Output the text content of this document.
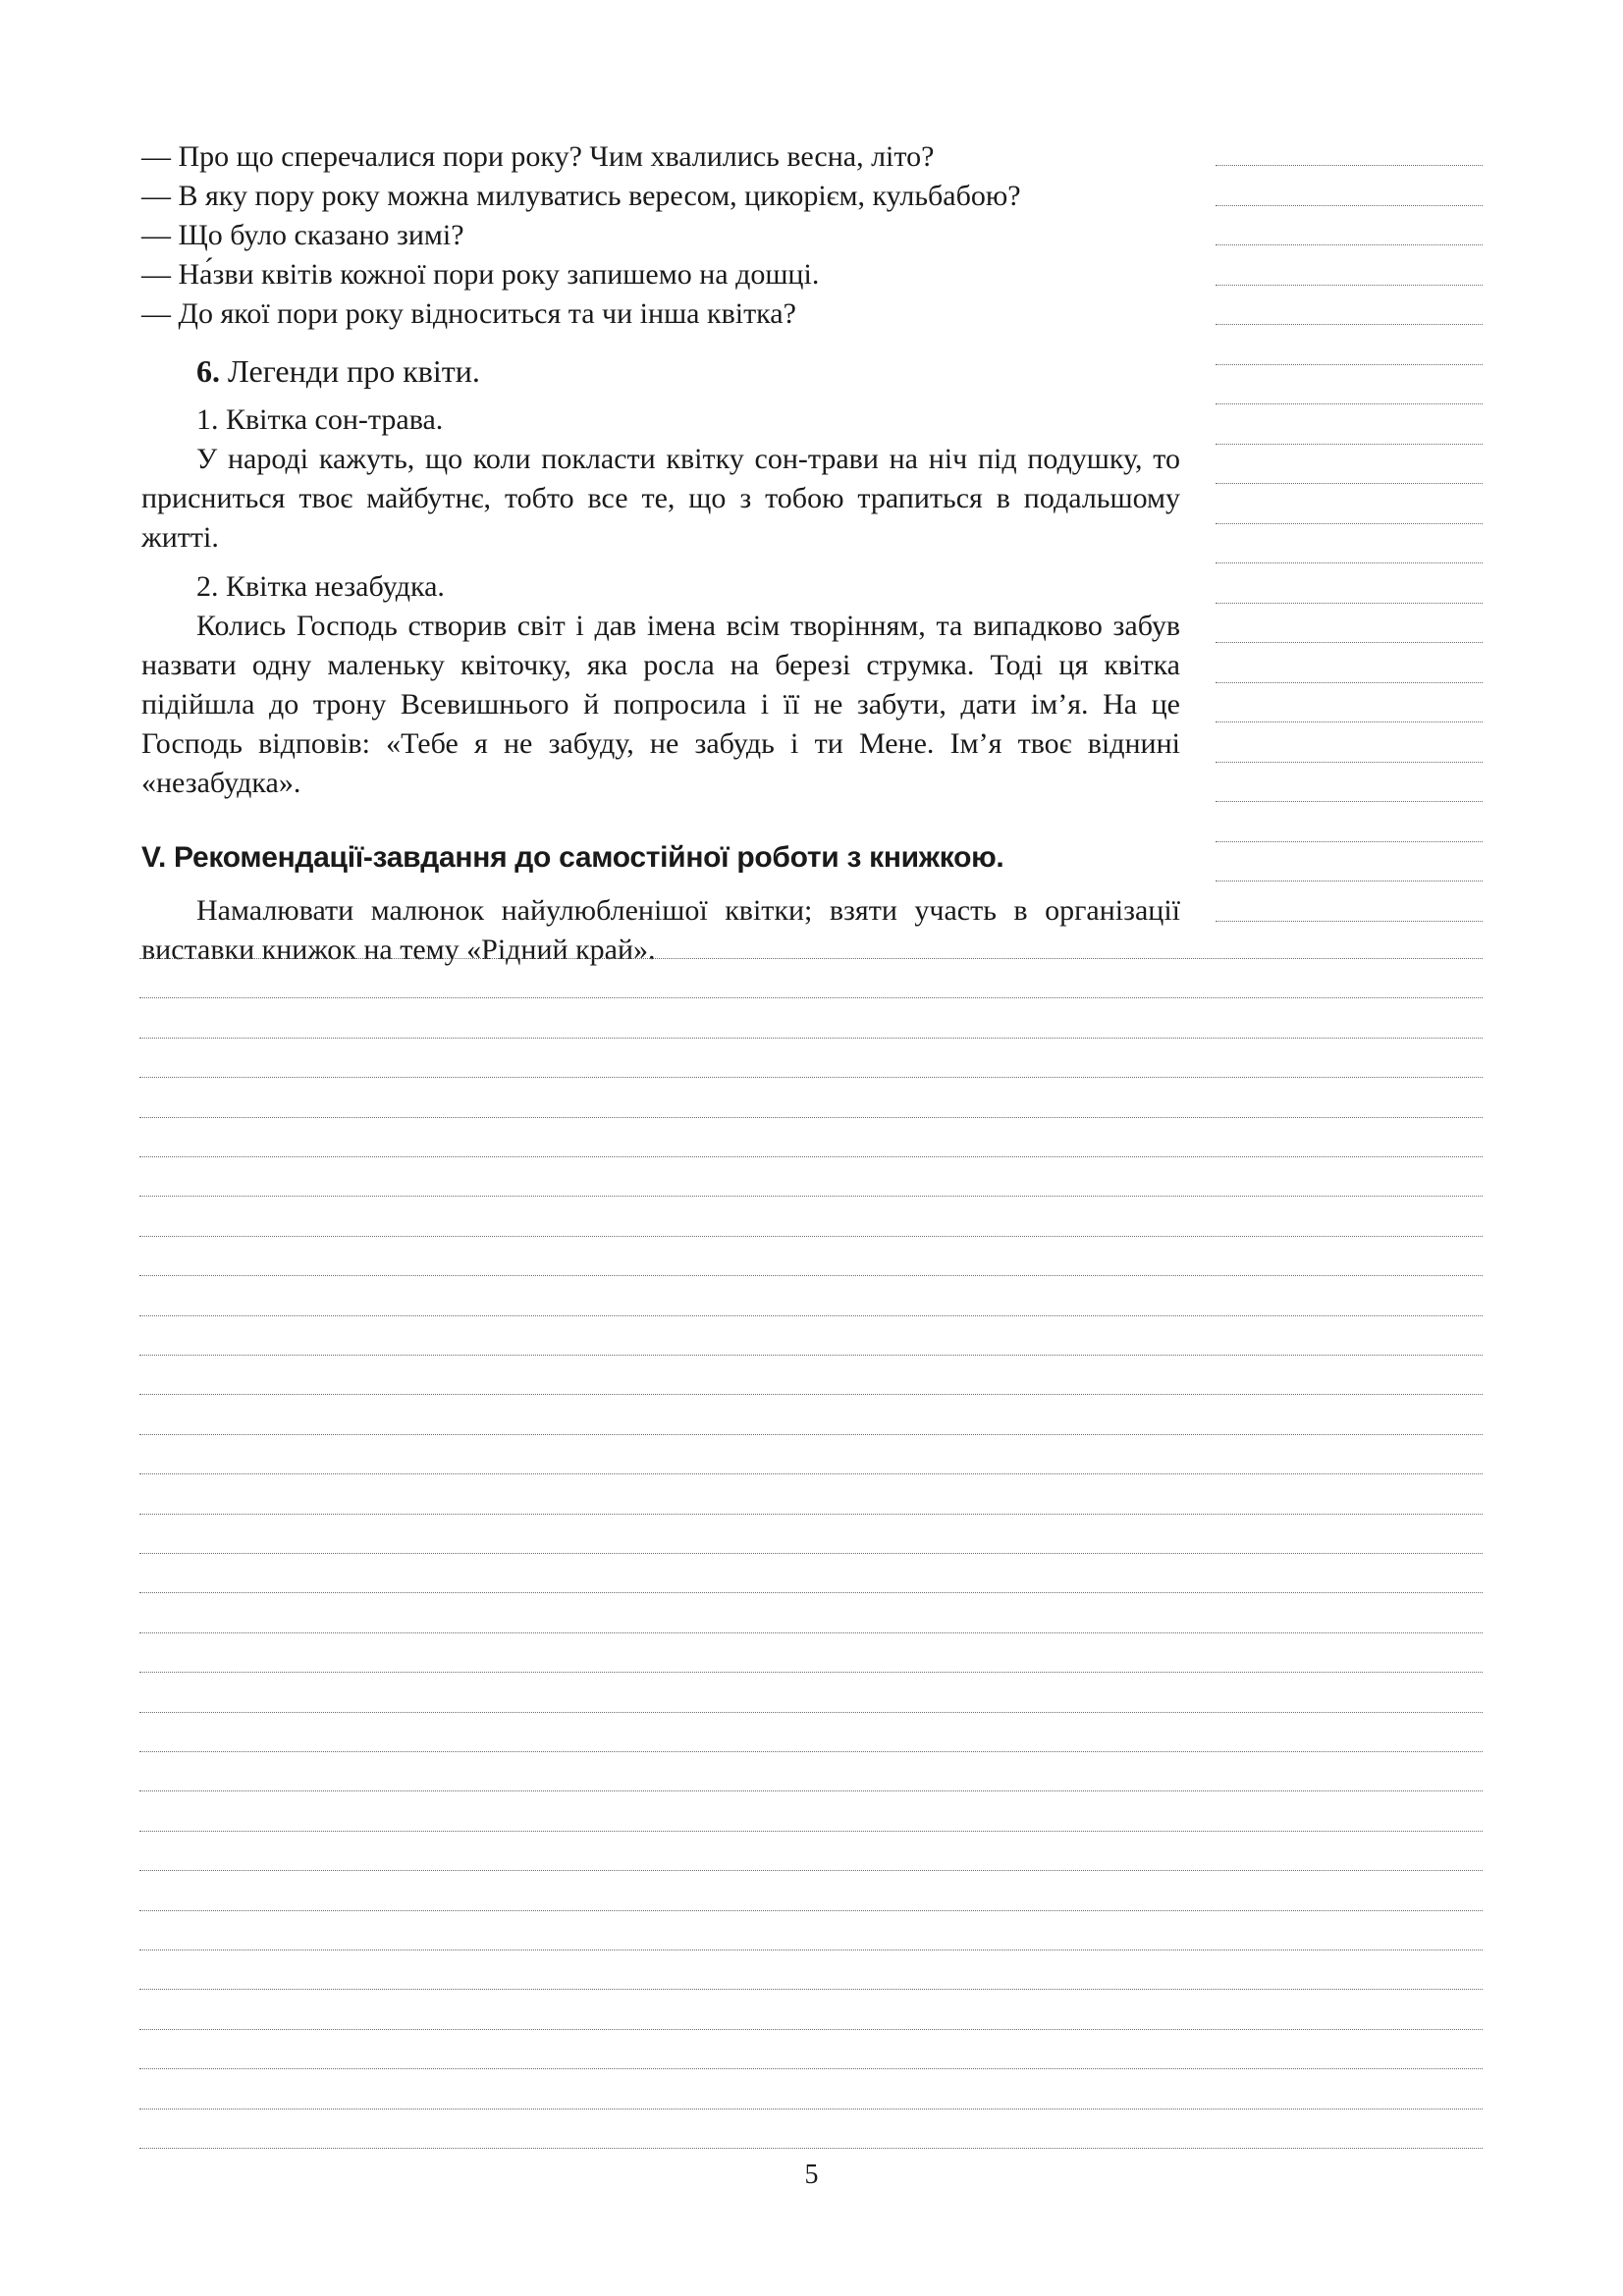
— Про що сперечалися пори року? Чим хвалились весна, літо?
— В яку пору року можна милуватись вересом, цикорієм, кульбабою?
— Що було сказано зимі?
— На́зви квітів кожної пори року запишемо на дошці.
— До якої пори року відноситься та чи інша квітка?
6. Легенди про квіти.
1. Квітка сон-трава.
У народі кажуть, що коли покласти квітку сон-трави на ніч під подушку, то присниться твоє майбутнє, тобто все те, що з тобою трапиться в подальшому житті.
2. Квітка незабудка.
Колись Господь створив світ і дав імена всім творінням, та випадково забув назвати одну маленьку квіточку, яка росла на березі струмка. Тоді ця квітка підійшла до трону Всевишнього й попросила і її не забути, дати ім’я. На це Господь відповів: «Тебе я не забуду, не забудь і ти Мене. Ім’я твоє віднині «незабудка».
V. Рекомендації-завдання до самостійної роботи з книжкою.
Намалювати малюнок найулюбленішої квітки; взяти участь в організації виставки книжок на тему «Рідний край».
5
